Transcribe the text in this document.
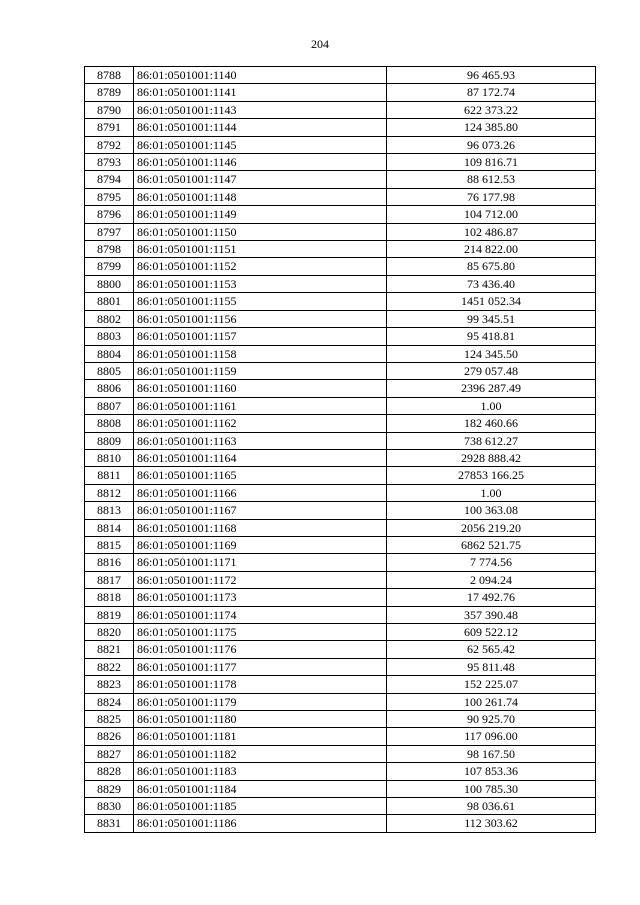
204
8788	86:01:0501001:1140	96 465.93
8789	86:01:0501001:1141	87 172.74
8790	86:01:0501001:1143	622 373.22
8791	86:01:0501001:1144	124 385.80
8792	86:01:0501001:1145	96 073.26
8793	86:01:0501001:1146	109 816.71
8794	86:01:0501001:1147	88 612.53
8795	86:01:0501001:1148	76 177.98
8796	86:01:0501001:1149	104 712.00
8797	86:01:0501001:1150	102 486.87
8798	86:01:0501001:1151	214 822.00
8799	86:01:0501001:1152	85 675.80
8800	86:01:0501001:1153	73 436.40
8801	86:01:0501001:1155	1451 052.34
8802	86:01:0501001:1156	99 345.51
8803	86:01:0501001:1157	95 418.81
8804	86:01:0501001:1158	124 345.50
8805	86:01:0501001:1159	279 057.48
8806	86:01:0501001:1160	2396 287.49
8807	86:01:0501001:1161	1.00
8808	86:01:0501001:1162	182 460.66
8809	86:01:0501001:1163	738 612.27
8810	86:01:0501001:1164	2928 888.42
8811	86:01:0501001:1165	27853 166.25
8812	86:01:0501001:1166	1.00
8813	86:01:0501001:1167	100 363.08
8814	86:01:0501001:1168	2056 219.20
8815	86:01:0501001:1169	6862 521.75
8816	86:01:0501001:1171	7 774.56
8817	86:01:0501001:1172	2 094.24
8818	86:01:0501001:1173	17 492.76
8819	86:01:0501001:1174	357 390.48
8820	86:01:0501001:1175	609 522.12
8821	86:01:0501001:1176	62 565.42
8822	86:01:0501001:1177	95 811.48
8823	86:01:0501001:1178	152 225.07
8824	86:01:0501001:1179	100 261.74
8825	86:01:0501001:1180	90 925.70
8826	86:01:0501001:1181	117 096.00
8827	86:01:0501001:1182	98 167.50
8828	86:01:0501001:1183	107 853.36
8829	86:01:0501001:1184	100 785.30
8830	86:01:0501001:1185	98 036.61
8831	86:01:0501001:1186	112 303.62
